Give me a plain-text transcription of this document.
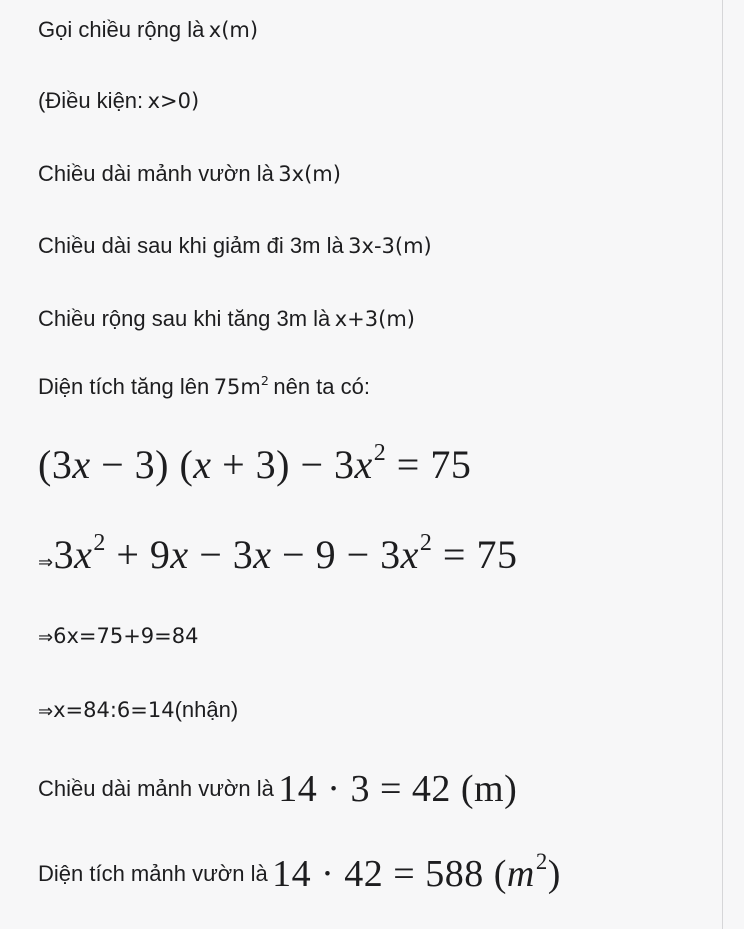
Gọi chiều rộng là x(m)
(Điều kiện: x>0)
Chiều dài mảnh vườn là 3x(m)
Chiều dài sau khi giảm đi 3m là 3x-3(m)
Chiều rộng sau khi tăng 3m là x+3(m)
Diện tích tăng lên $75m^2$ nên ta có:
(3x − 3) $(x + 3) - 3x^2 = 75$
$\Rightarrow 3x^2 + 9x - 3x - 9 - 3x^2 = 75$
⇒6x=75+9=84
⇒x=84:6=14(nhận)
Chiều dài mảnh vườn là 14 · 3 = 42 (m)
Diện tích mảnh vườn là 14 · 42 = 588 $(m^2)$
